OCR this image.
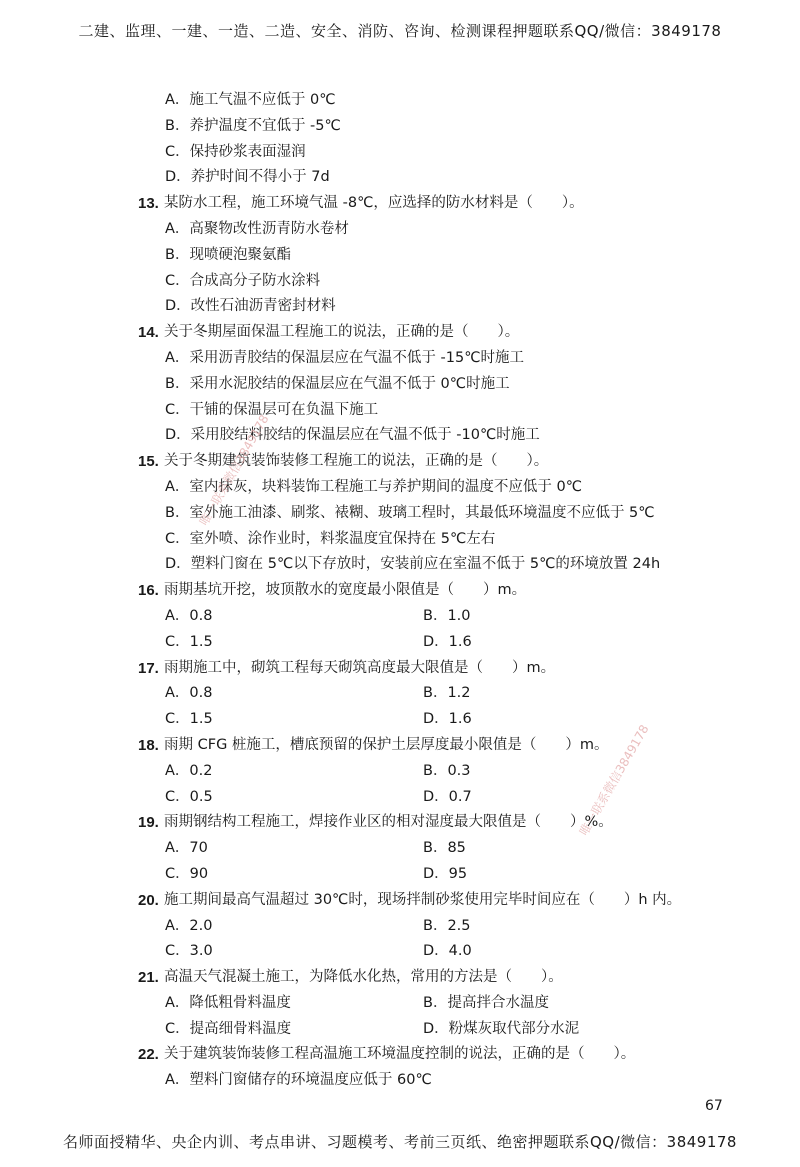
二建、监理、一建、一造、二造、安全、消防、咨询、检测课程押题联系QQ/微信：3849178
A．施工气温不应低于 0℃
B．养护温度不宜低于 -5℃
C．保持砂浆表面湿润
D．养护时间不得小于 7d
13. 某防水工程，施工环境气温 -8℃，应选择的防水材料是（　　）。
A．高聚物改性沥青防水卷材
B．现喷硬泡聚氨酯
C．合成高分子防水涂料
D．改性石油沥青密封材料
14. 关于冬期屋面保温工程施工的说法，正确的是（　　）。
A．采用沥青胶结的保温层应在气温不低于 -15℃时施工
B．采用水泥胶结的保温层应在气温不低于 0℃时施工
C．干铺的保温层可在负温下施工
D．采用胶结料胶结的保温层应在气温不低于 -10℃时施工
15. 关于冬期建筑装饰装修工程施工的说法，正确的是（　　）。
A．室内抹灰，块料装饰工程施工与养护期间的温度不应低于 0℃
B．室外施工油漆、刷浆、裱糊、玻璃工程时，其最低环境温度不应低于 5℃
C．室外喷、涂作业时，料浆温度宜保持在 5℃左右
D．塑料门窗在 5℃以下存放时，安装前应在室温不低于 5℃的环境放置 24h
16. 雨期基坑开挖，坡顶散水的宽度最小限值是（　　）m。
A．0.8	B．1.0
C．1.5	D．1.6
17. 雨期施工中，砌筑工程每天砌筑高度最大限值是（　　）m。
A．0.8	B．1.2
C．1.5	D．1.6
18. 雨期 CFG 桩施工，槽底预留的保护土层厚度最小限值是（　　）m。
A．0.2	B．0.3
C．0.5	D．0.7
19. 雨期钢结构工程施工，焊接作业区的相对湿度最大限值是（　　）%。
A．70	B．85
C．90	D．95
20. 施工期间最高气温超过 30℃时，现场拌制砂浆使用完毕时间应在（　　）h 内。
A．2.0	B．2.5
C．3.0	D．4.0
21. 高温天气混凝土施工，为降低水化热，常用的方法是（　　）。
A．降低粗骨料温度	B．提高拌合水温度
C．提高细骨料温度	D．粉煤灰取代部分水泥
22. 关于建筑装饰装修工程高温施工环境温度控制的说法，正确的是（　　）。
A．塑料门窗储存的环境温度应低于 60℃
唯一联系微信3849178
唯一联系微信3849178
67
名师面授精华、央企内训、考点串讲、习题模考、考前三页纸、绝密押题联系QQ/微信：3849178
